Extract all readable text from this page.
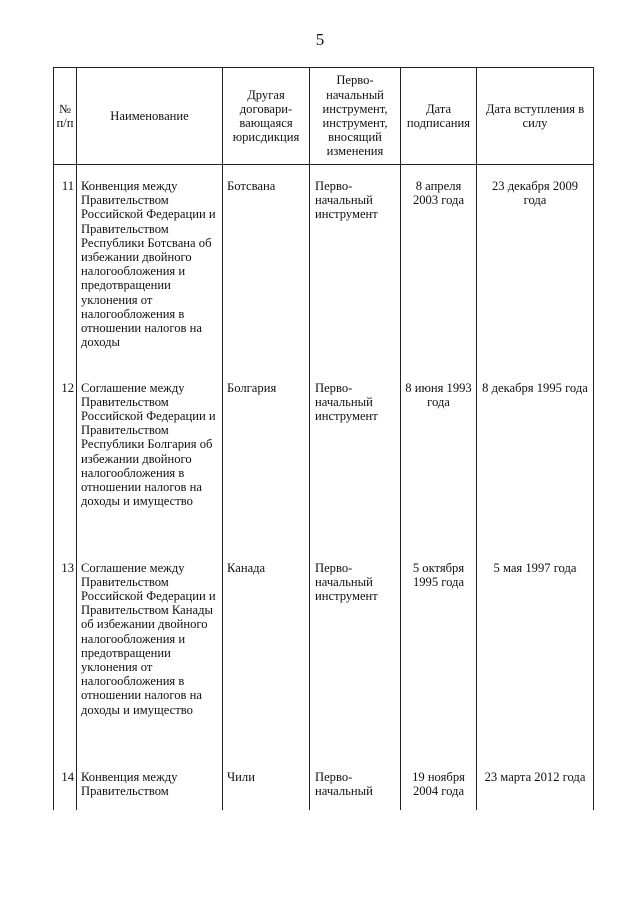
5
№ п/п	Наименование	Другая договари-вающаяся юрисдикция	Перво-начальный инструмент, инструмент, вносящий изменения	Дата подписания	Дата вступления в силу
11	Конвенция между Правительством Российской Федерации и Правительством Республики Ботсвана об избежании двойного налогообложения и предотвращении уклонения от налогообложения в отношении налогов на доходы	Ботсвана	Перво-начальный инструмент	8 апреля 2003 года	23 декабря 2009 года
12	Соглашение между Правительством Российской Федерации и Правительством Республики Болгария об избежании двойного налогообложения в отношении налогов на доходы и имущество	Болгария	Перво-начальный инструмент	8 июня 1993 года	8 декабря 1995 года
13	Соглашение между Правительством Российской Федерации и Правительством Канады об избежании двойного налогообложения и предотвращении уклонения от налогообложения в отношении налогов на доходы и имущество	Канада	Перво-начальный инструмент	5 октября 1995 года	5 мая 1997 года
14	Конвенция между Правительством	Чили	Перво-начальный	19 ноября 2004 года	23 марта 2012 года
